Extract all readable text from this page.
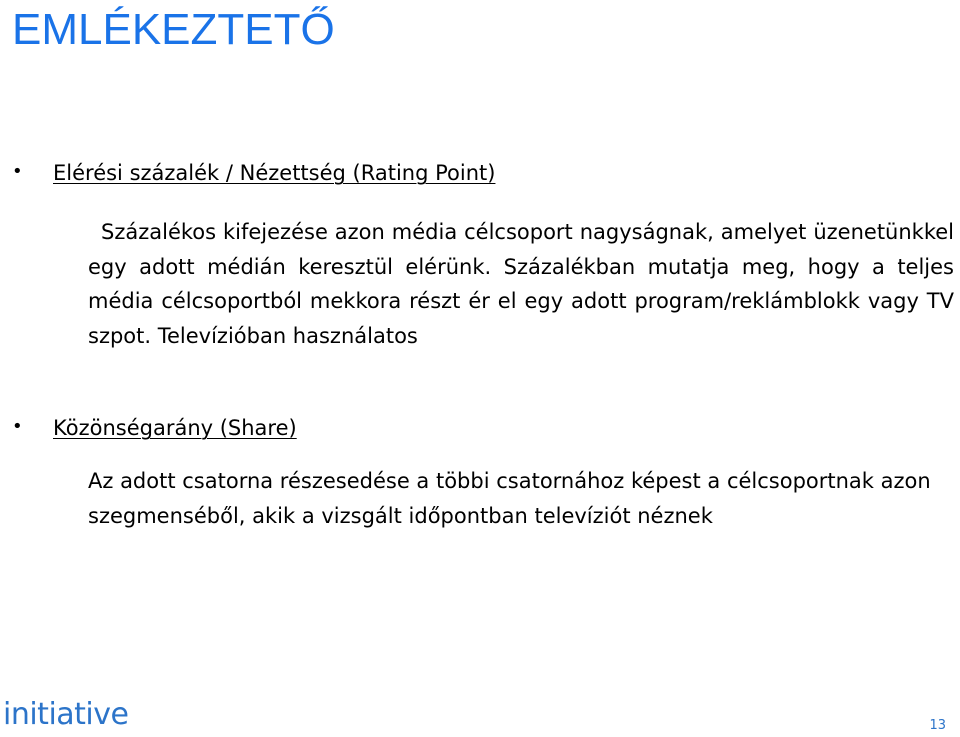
EMLÉKEZTETŐ
• Elérési százalék / Nézettség (Rating Point)

Százalékos kifejezése azon média célcsoport nagyságnak, amelyet üzenetünkkel egy adott médián keresztül elérünk. Százalékban mutatja meg, hogy a teljes média célcsoportból mekkora részt ér el egy adott program/reklámblokk vagy TV szpot. Televízióban használatos

• Közönségarány (Share)

Az adott csatorna részesedése a többi csatornához képest a célcsoportnak azon szegmenséből, akik a vizsgált időpontban televíziót néznek

initiative	13
